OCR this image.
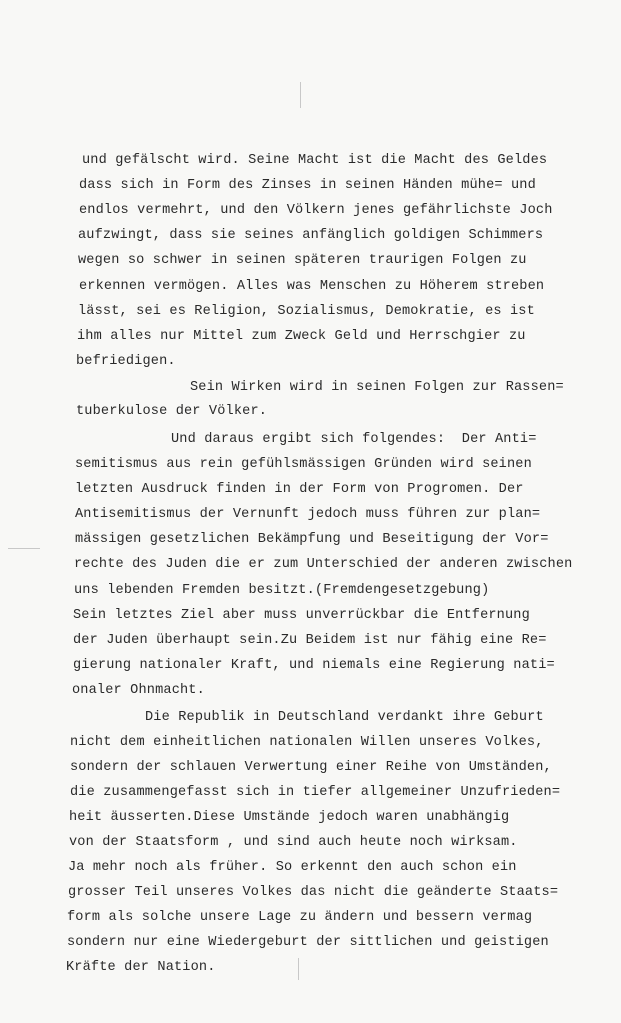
und gefälscht wird. Seine Macht ist die Macht des Geldes
dass sich in Form des Zinses in seinen Händen mühe= und
endlos vermehrt, und den Völkern jenes gefährlichste Joch
aufzwingt, dass sie seines anfänglich goldigen Schimmers
wegen so schwer in seinen späteren traurigen Folgen zu
erkennen vermögen. Alles was Menschen zu Höherem streben
lässt, sei es Religion, Sozialismus, Demokratie, es ist
ihm alles nur Mittel zum Zweck Geld und Herrschgier zu
befriedigen.
Sein Wirken wird in seinen Folgen zur Rassen=
tuberkulose der Völker.
Und daraus ergibt sich folgendes:  Der Anti=
semitismus aus rein gefühlsmässigen Gründen wird seinen
letzten Ausdruck finden in der Form von Progromen. Der
Antisemitismus der Vernunft jedoch muss führen zur plan=
mässigen gesetzlichen Bekämpfung und Beseitigung der Vor=
rechte des Juden die er zum Unterschied der anderen zwischen
uns lebenden Fremden besitzt.(Fremdengesetzgebung)
Sein letztes Ziel aber muss unverrückbar die Entfernung
der Juden überhaupt sein.Zu Beidem ist nur fähig eine Re=
gierung nationaler Kraft, und niemals eine Regierung nati=
onaler Ohnmacht.
Die Republik in Deutschland verdankt ihre Geburt
nicht dem einheitlichen nationalen Willen unseres Volkes,
sondern der schlauen Verwertung einer Reihe von Umständen,
die zusammengefasst sich in tiefer allgemeiner Unzufrieden=
heit äusserten.Diese Umstände jedoch waren unabhängig
von der Staatsform , und sind auch heute noch wirksam.
Ja mehr noch als früher. So erkennt den auch schon ein
grosser Teil unseres Volkes das nicht die geänderte Staats=
form als solche unsere Lage zu ändern und bessern vermag
sondern nur eine Wiedergeburt der sittlichen und geistigen
Kräfte der Nation.
